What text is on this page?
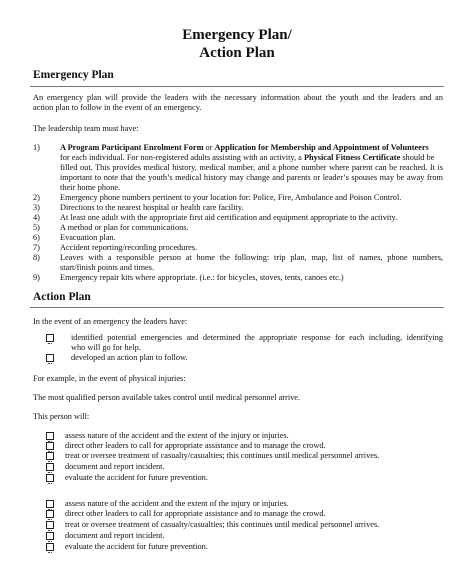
Emergency Plan/
Action Plan
Emergency Plan
An emergency plan will provide the leaders with the necessary information about the youth and the leaders and an
action plan to follow in the event of an emergency.
The leadership team must have:
1) A Program Participant Enrolment Form or Application for Membership and Appointment of Volunteers
for each individual. For non-registered adults assisting with an activity, a Physical Fitness Certificate should be
filled out. This provides medical history, medical number, and a phone number where parent can be reached. It is
important to note that the youth’s medical history may change and parents or leader’s spouses may be away from
their home phone.
2) Emergency phone numbers pertinent to your location for: Police, Fire, Ambulance and Poison Control.
3) Directions to the nearest hospital or health care facility.
4) At least one adult with the appropriate first aid certification and equipment appropriate to the activity.
5) A method or plan for communications.
6) Evacuation plan.
7) Accident reporting/recording procedures.
8) Leaves with a responsible person at home the following: trip plan, map, list of names, phone numbers,
start/finish points and times.
9) Emergency repair kits where appropriate. (i.e.: for bicycles, stoves, tents, canoes etc.)
Action Plan
In the event of an emergency the leaders have:
identified potential emergencies and determined the appropriate response for each including, identifying
who will go for help.
developed an action plan to follow.
For example, in the event of physical injuries:
The most qualified person available takes control until medical personnel arrive.
This person will:
assess nature of the accident and the extent of the injury or injuries.
direct other leaders to call for appropriate assistance and to manage the crowd.
treat or oversee treatment of casualty/casualties; this continues until medical personnel arrives.
document and report incident.
evaluate the accident for future prevention.
assess nature of the accident and the extent of the injury or injuries.
direct other leaders to call for appropriate assistance and to manage the crowd.
treat or oversee treatment of casualty/casualties; this continues until medical personnel arrives.
document and report incident.
evaluate the accident for future prevention.
